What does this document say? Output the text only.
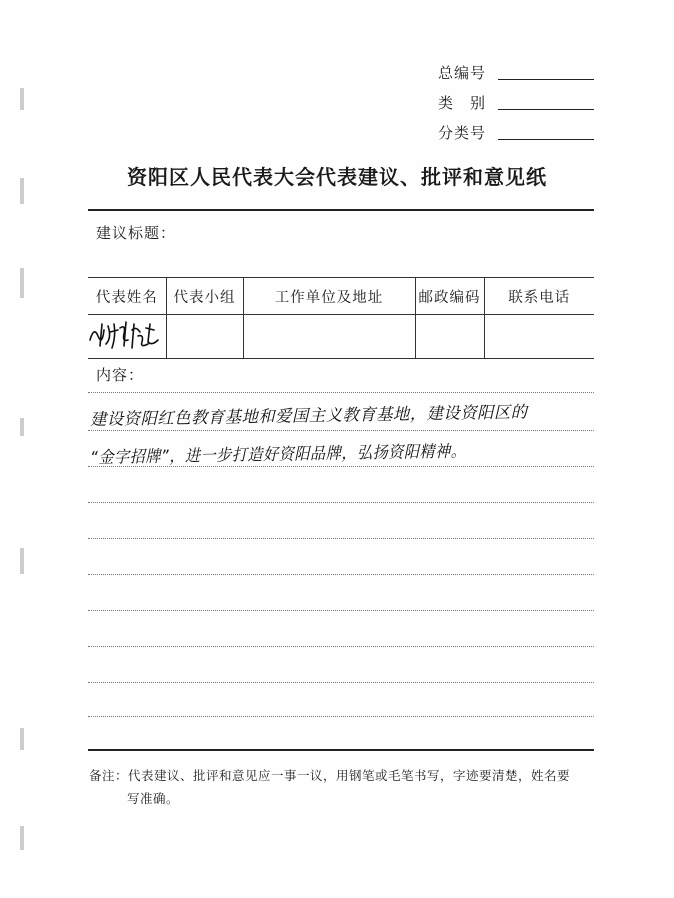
总编号
类　别
分类号
资阳区人民代表大会代表建议、批评和意见纸
建议标题：
代表姓名	代表小组	工作单位及地址	邮政编码	联系电话

内容：
建设资阳红色教育基地和爱国主义教育基地，建设资阳区的
“金字招牌”，进一步打造好资阳品牌，弘扬资阳精神。
备注：代表建议、批评和意见应一事一议，用钢笔或毛笔书写，字迹要清楚，姓名要
写准确。
